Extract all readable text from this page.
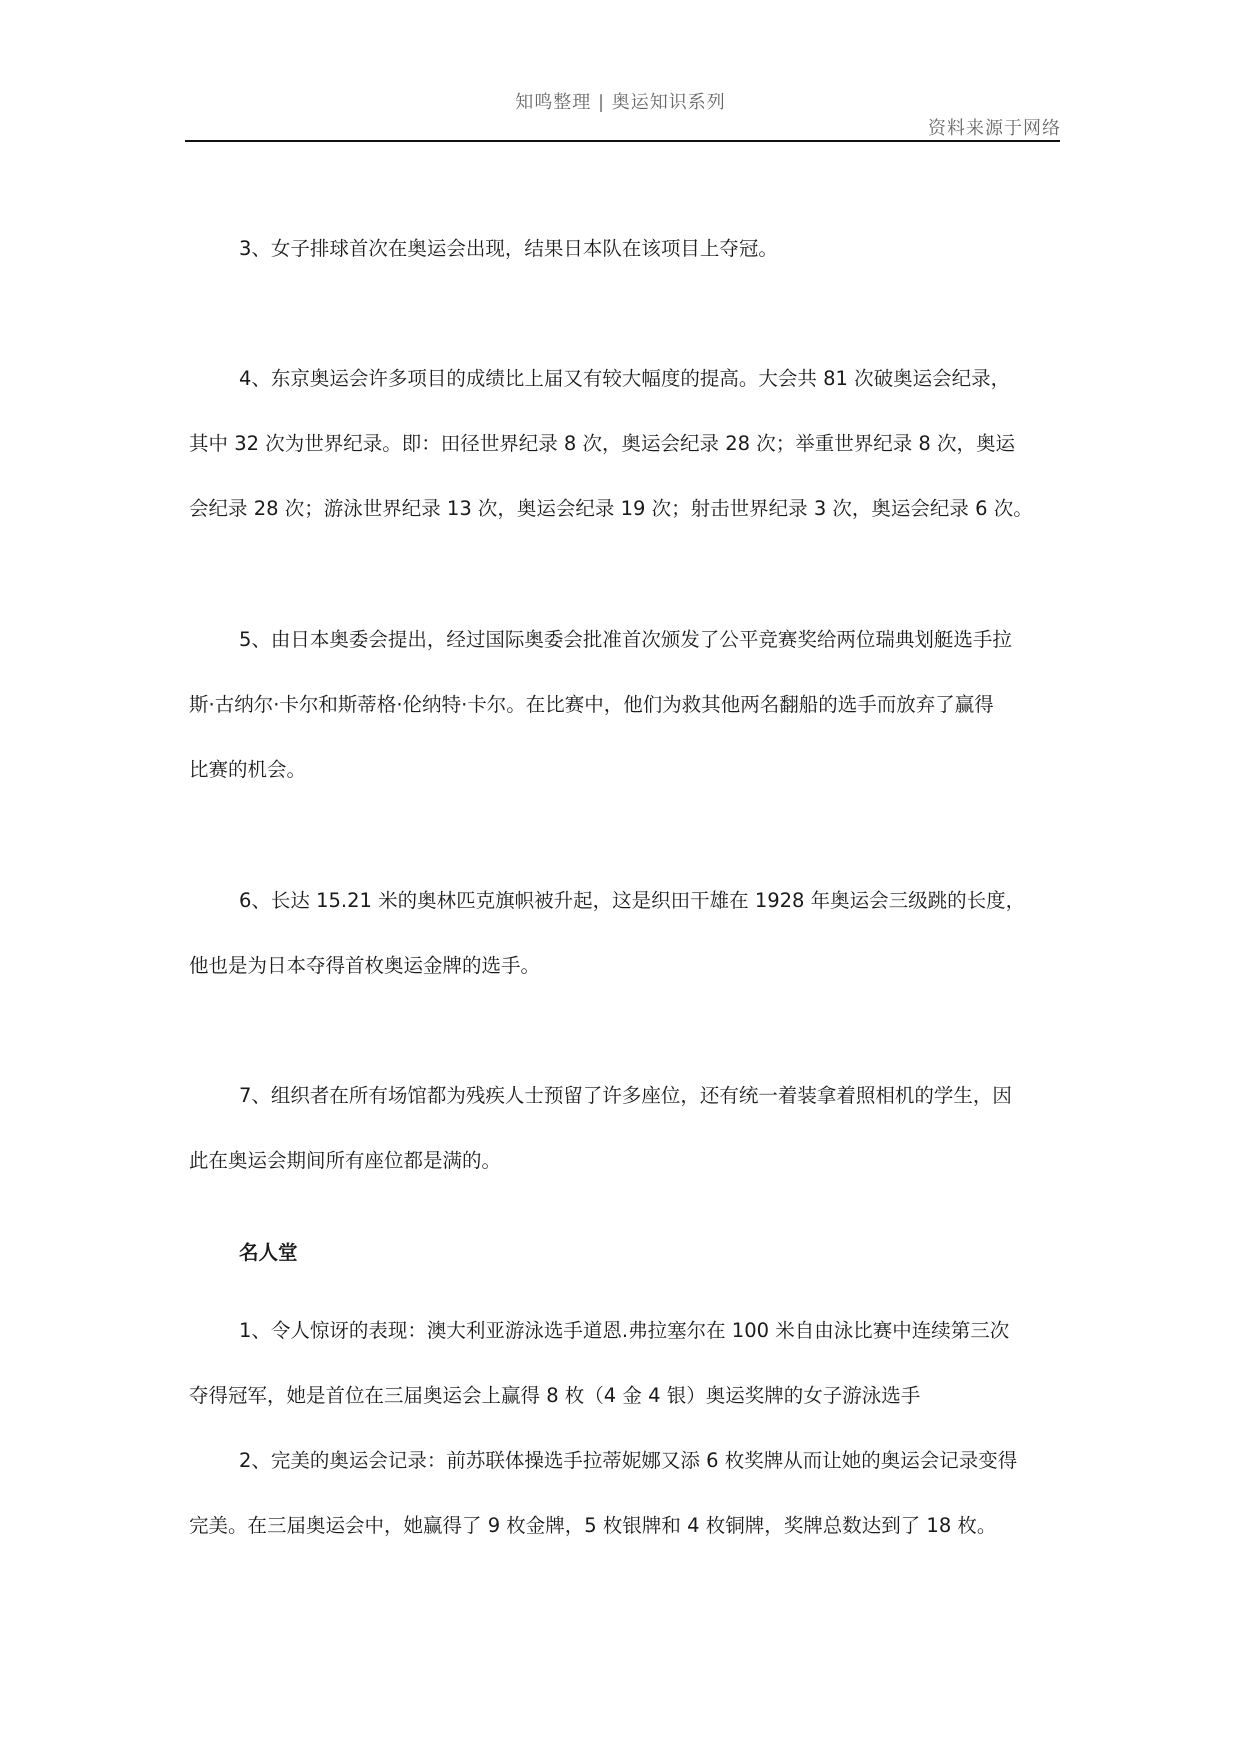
知鸣整理 | 奥运知识系列
资料来源于网络
3、女子排球首次在奥运会出现，结果日本队在该项目上夺冠。
4、东京奥运会许多项目的成绩比上届又有较大幅度的提高。大会共 81 次破奥运会纪录，
其中 32 次为世界纪录。即：田径世界纪录 8 次，奥运会纪录 28 次；举重世界纪录 8 次，奥运
会纪录 28 次；游泳世界纪录 13 次，奥运会纪录 19 次；射击世界纪录 3 次，奥运会纪录 6 次。
5、由日本奥委会提出，经过国际奥委会批准首次颁发了公平竞赛奖给两位瑞典划艇选手拉
斯·古纳尔·卡尔和斯蒂格·伦纳特·卡尔。在比赛中，他们为救其他两名翻船的选手而放弃了赢得
比赛的机会。
6、长达 15.21 米的奥林匹克旗帜被升起，这是织田干雄在 1928 年奥运会三级跳的长度，
他也是为日本夺得首枚奥运金牌的选手。
7、组织者在所有场馆都为残疾人士预留了许多座位，还有统一着装拿着照相机的学生，因
此在奥运会期间所有座位都是满的。
名人堂
1、令人惊讶的表现：澳大利亚游泳选手道恩.弗拉塞尔在 100 米自由泳比赛中连续第三次
夺得冠军，她是首位在三届奥运会上赢得 8 枚（4 金 4 银）奥运奖牌的女子游泳选手
2、完美的奥运会记录：前苏联体操选手拉蒂妮娜又添 6 枚奖牌从而让她的奥运会记录变得
完美。在三届奥运会中，她赢得了 9 枚金牌，5 枚银牌和 4 枚铜牌，奖牌总数达到了 18 枚。
